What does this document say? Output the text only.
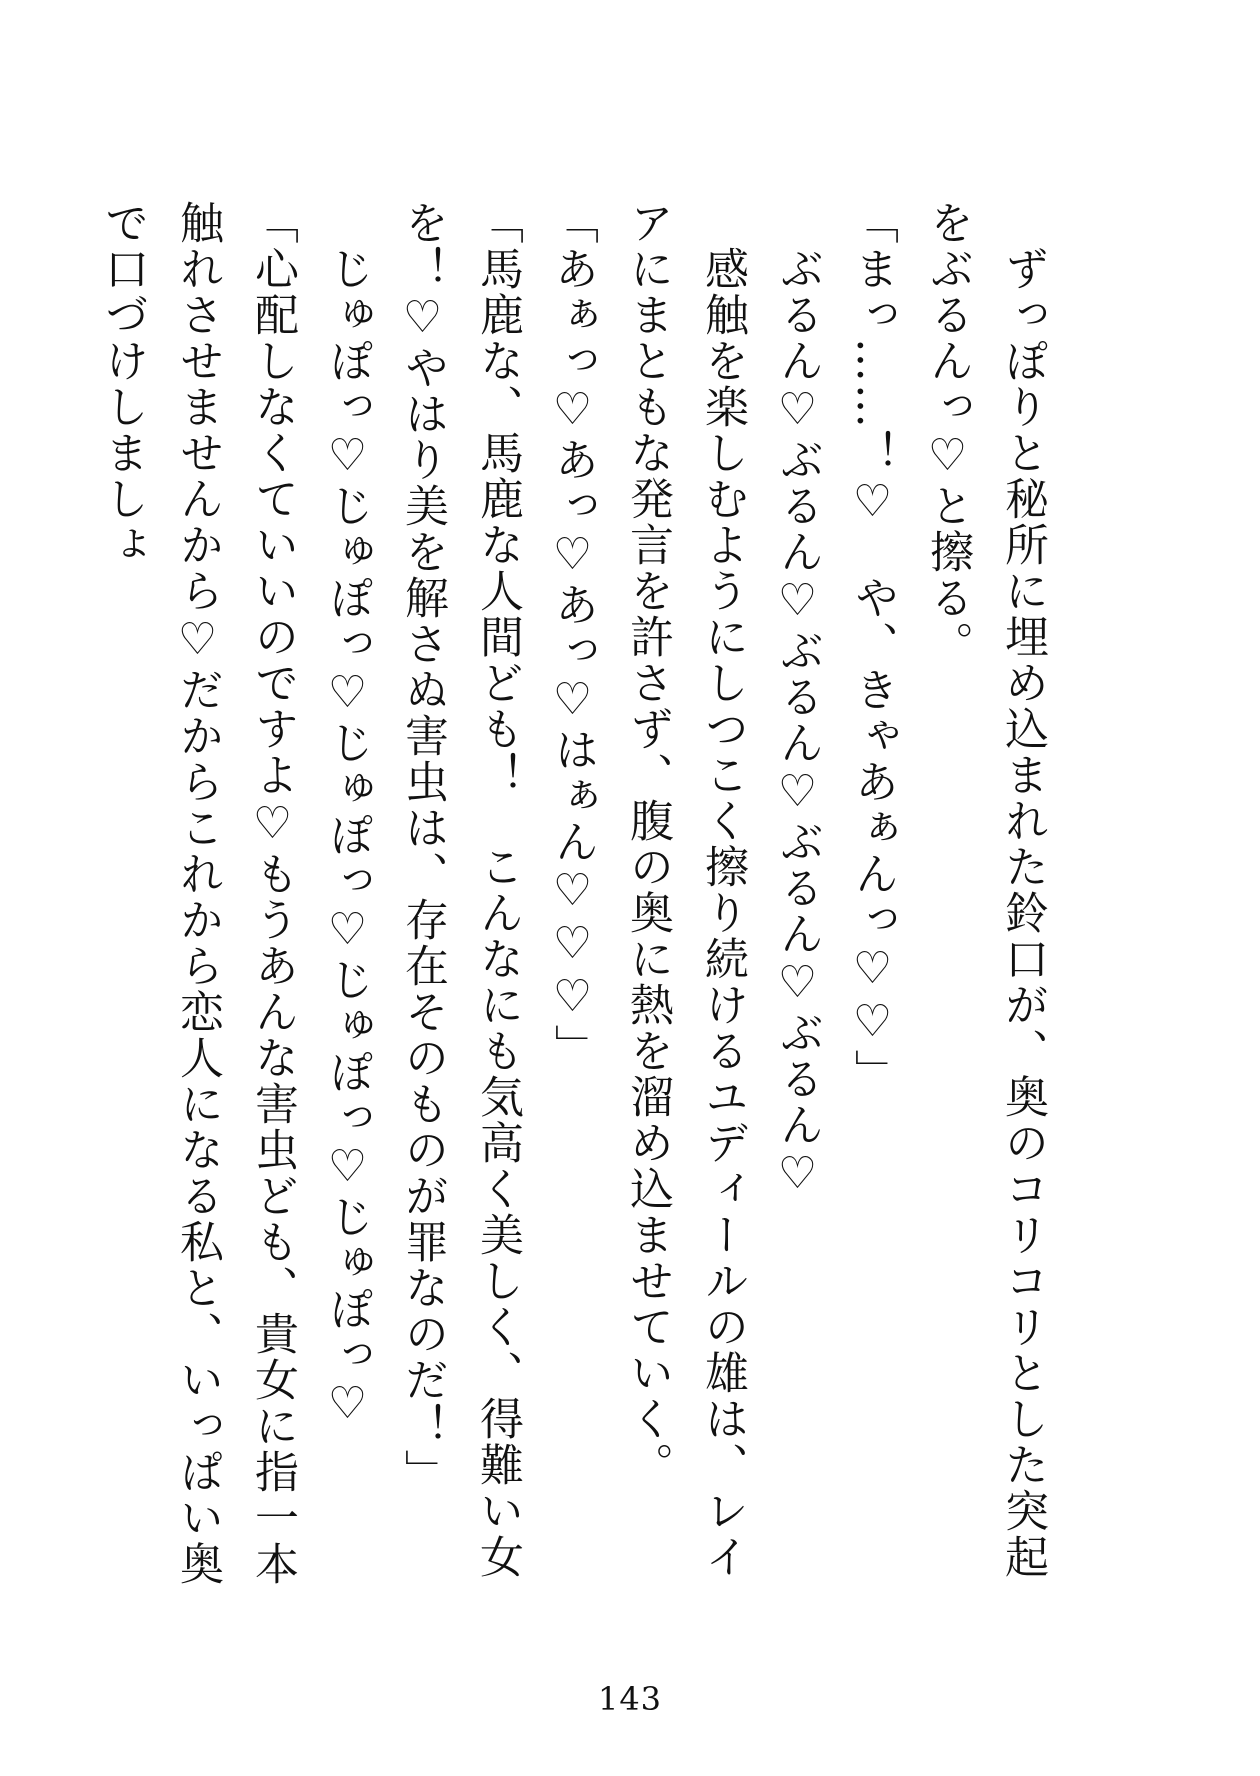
　ずっぽりと秘所に埋め込まれた鈴口が、奥のコリコリとした突起をぶるんっ♡と擦る。

「まっ……！♡　や、きゃあぁんっ♡♡」

　ぶるん♡ぶるん♡ぶるん♡ぶるん♡ぶるん♡

　感触を楽しむようにしつこく擦り続けるユディールの雄は、レイアにまともな発言を許さず、腹の奥に熱を溜め込ませていく。

「あぁっ♡あっ♡あっ♡はぁん♡♡♡」

「馬鹿な、馬鹿な人間ども！　こんなにも気高く美しく、得難い女を！♡やはり美を解さぬ害虫は、存在そのものが罪なのだ！」

　じゅぽっ♡じゅぽっ♡じゅぽっ♡じゅぽっ♡じゅぽっ♡

「心配しなくていいのですよ♡もうあんな害虫ども、貴女に指一本触れさせませんから♡だからこれから恋人になる私と、いっぱい奥で口づけしましょ

143
